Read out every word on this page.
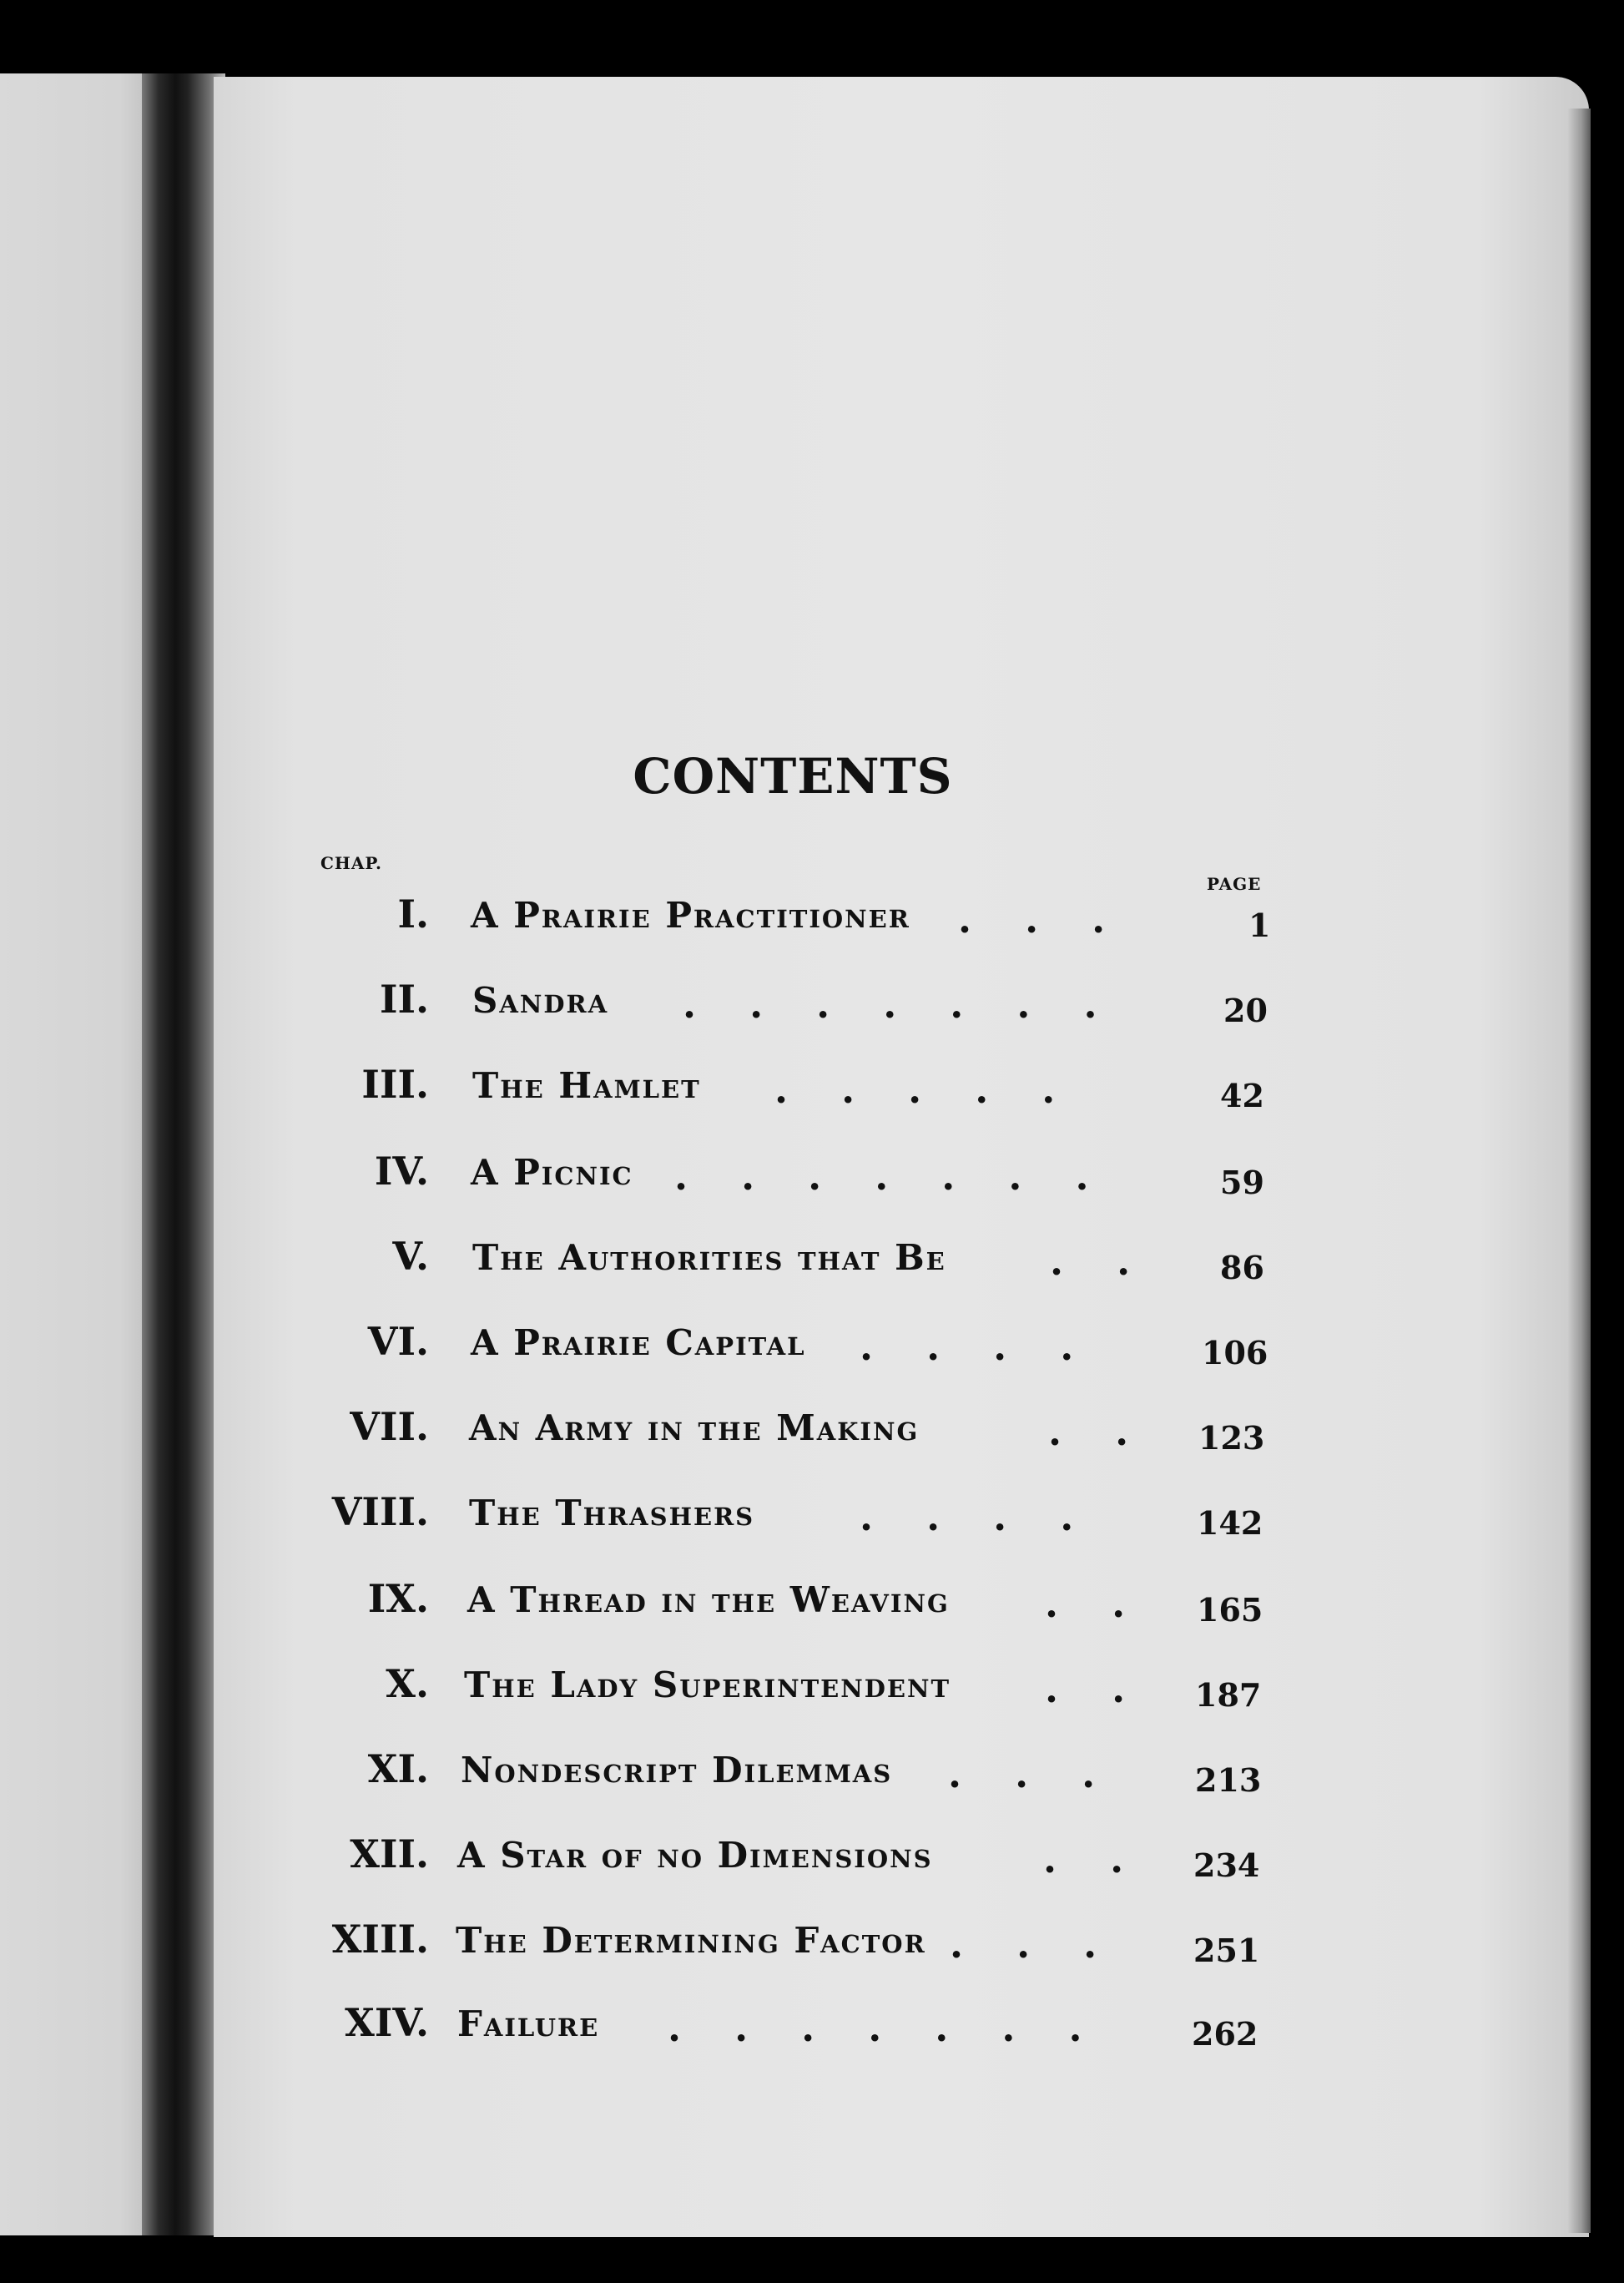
CONTENTS
CHAP.
PAGE
I. A Prairie Practitioner .    .    .	1
II. Sandra .    .    .    .    .    .    .	20
III. The Hamlet .    .    .    .    .	42
IV. A Picnic .    .    .    .    .    .    .	59
V. The Authorities that Be	.    .	86
VI. A Prairie Capital .    .    .    .	106
VII. An Army in the Making	.    . 123
VIII. The Thrashers	.    .    .    .	142
IX. A Thread in the Weaving .    . 165
X. The Lady Superintendent .    . 187
XI. Nondescript Dilemmas .    .    .	213
XII. A Star of no Dimensions	.    . 234
XIII. The Determining Factor .    .    .	251
XIV. Failure .    .    .    .    .    .    .	262
